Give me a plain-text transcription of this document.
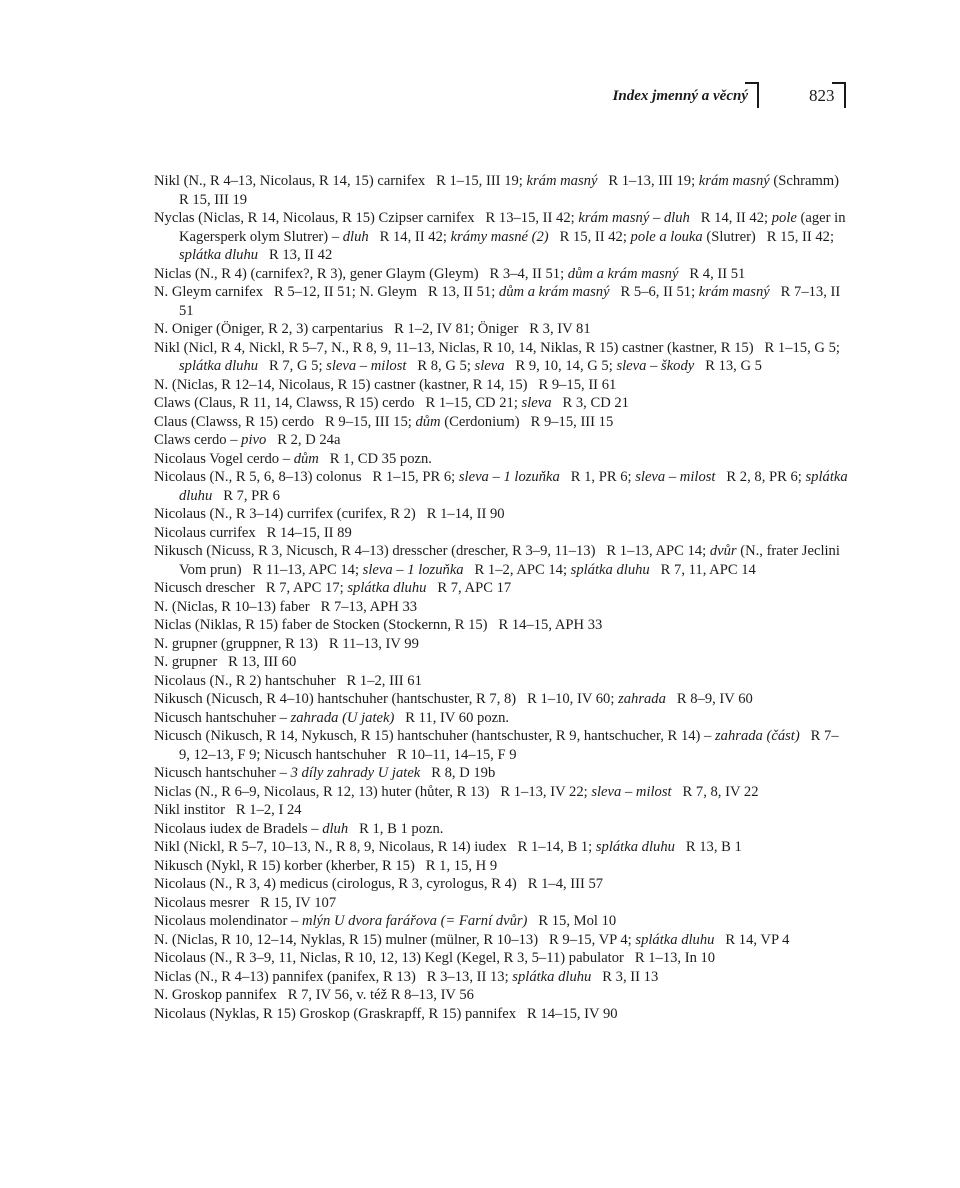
Index jmenný a věcný	823

Nikl (N., R 4–13, Nicolaus, R 14, 15) carnifex   R 1–15, III 19; krám masný   R 1–13, III 19; krám masný (Schramm)   R 15, III 19

Nyclas (Niclas, R 14, Nicolaus, R 15) Czipser carnifex   R 13–15, II 42; krám masný – dluh   R 14, II 42; pole (ager in Kagersperk olym Slutrer) – dluh   R 14, II 42; krámy masné (2)   R 15, II 42; pole a louka (Slutrer)   R 15, II 42; splátka dluhu   R 13, II 42

Niclas (N., R 4) (carnifex?, R 3), gener Glaym (Gleym)   R 3–4, II 51; dům a krám masný   R 4, II 51

N. Gleym carnifex   R 5–12, II 51; N. Gleym   R 13, II 51; dům a krám masný   R 5–6, II 51; krám masný   R 7–13, II 51

N. Oniger (Öniger, R 2, 3) carpentarius   R 1–2, IV 81; Öniger   R 3, IV 81

Nikl (Nicl, R 4, Nickl, R 5–7, N., R 8, 9, 11–13, Niclas, R 10, 14, Niklas, R 15) castner (kastner, R 15)   R 1–15, G 5; splátka dluhu   R 7, G 5; sleva – milost   R 8, G 5; sleva   R 9, 10, 14, G 5; sleva – škody   R 13, G 5

N. (Niclas, R 12–14, Nicolaus, R 15) castner (kastner, R 14, 15)   R 9–15, II 61

Claws (Claus, R 11, 14, Clawss, R 15) cerdo   R 1–15, CD 21; sleva   R 3, CD 21

Claus (Clawss, R 15) cerdo   R 9–15, III 15; dům (Cerdonium)   R 9–15, III 15

Claws cerdo – pivo   R 2, D 24a

Nicolaus Vogel cerdo – dům   R 1, CD 35 pozn.

Nicolaus (N., R 5, 6, 8–13) colonus   R 1–15, PR 6; sleva – 1 lozuňka   R 1, PR 6; sleva – milost   R 2, 8, PR 6; splátka dluhu   R 7, PR 6

Nicolaus (N., R 3–14) currifex (curifex, R 2)   R 1–14, II 90

Nicolaus currifex   R 14–15, II 89

Nikusch (Nicuss, R 3, Nicusch, R 4–13) dresscher (drescher, R 3–9, 11–13)   R 1–13, APC 14; dvůr (N., frater Jeclini Vom prun)   R 11–13, APC 14; sleva – 1 lozuňka   R 1–2, APC 14; splátka dluhu   R 7, 11, APC 14

Nicusch drescher   R 7, APC 17; splátka dluhu   R 7, APC 17

N. (Niclas, R 10–13) faber   R 7–13, APH 33

Niclas (Niklas, R 15) faber de Stocken (Stockernn, R 15)   R 14–15, APH 33

N. grupner (gruppner, R 13)   R 11–13, IV 99

N. grupner   R 13, III 60

Nicolaus (N., R 2) hantschuher   R 1–2, III 61

Nikusch (Nicusch, R 4–10) hantschuher (hantschuster, R 7, 8)   R 1–10, IV 60; zahrada   R 8–9, IV 60

Nicusch hantschuher – zahrada (U jatek)   R 11, IV 60 pozn.

Nicusch (Nikusch, R 14, Nykusch, R 15) hantschuher (hantschuster, R 9, hantschucher, R 14) – zahrada (část)   R 7–9, 12–13, F 9; Nicusch hantschuher   R 10–11, 14–15, F 9

Nicusch hantschuher – 3 díly zahrady U jatek   R 8, D 19b

Niclas (N., R 6–9, Nicolaus, R 12, 13) huter (hůter, R 13)   R 1–13, IV 22; sleva – milost   R 7, 8, IV 22

Nikl institor   R 1–2, I 24

Nicolaus iudex de Bradels – dluh   R 1, B 1 pozn.

Nikl (Nickl, R 5–7, 10–13, N., R 8, 9, Nicolaus, R 14) iudex   R 1–14, B 1; splátka dluhu   R 13, B 1

Nikusch (Nykl, R 15) korber (kherber, R 15)   R 1, 15, H 9

Nicolaus (N., R 3, 4) medicus (cirologus, R 3, cyrologus, R 4)   R 1–4, III 57

Nicolaus mesrer   R 15, IV 107

Nicolaus molendinator – mlýn U dvora farářova (= Farní dvůr)   R 15, Mol 10

N. (Niclas, R 10, 12–14, Nyklas, R 15) mulner (mülner, R 10–13)   R 9–15, VP 4; splátka dluhu   R 14, VP 4

Nicolaus (N., R 3–9, 11, Niclas, R 10, 12, 13) Kegl (Kegel, R 3, 5–11) pabulator   R 1–13, In 10

Niclas (N., R 4–13) pannifex (panifex, R 13)   R 3–13, II 13; splátka dluhu   R 3, II 13

N. Groskop pannifex   R 7, IV 56, v. též R 8–13, IV 56

Nicolaus (Nyklas, R 15) Groskop (Graskrapff, R 15) pannifex   R 14–15, IV 90
